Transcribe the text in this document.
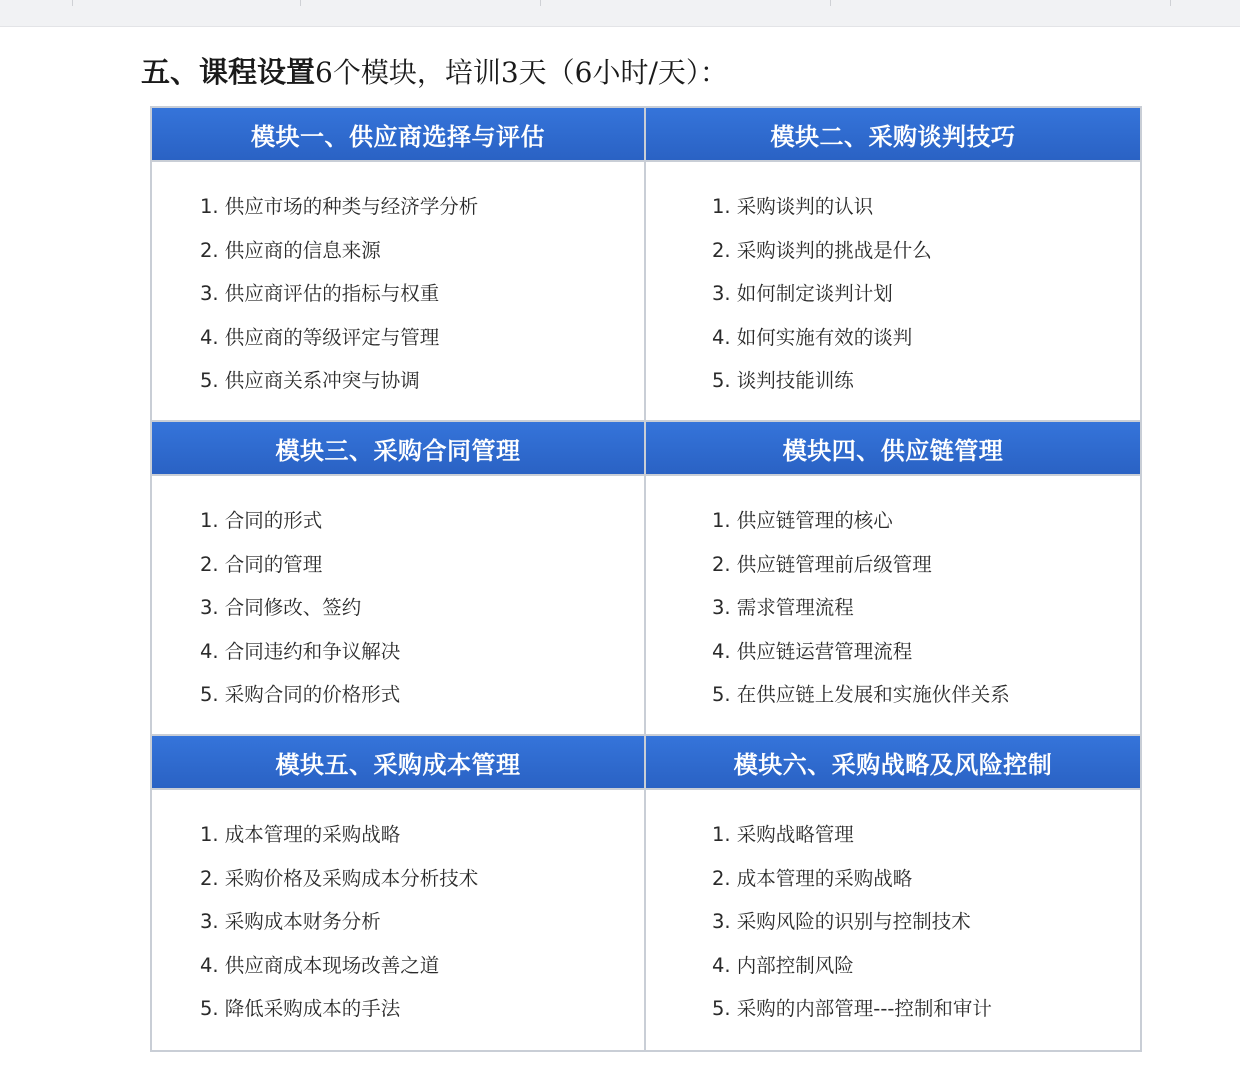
五、课程设置6个模块，培训3天（6小时/天）：
模块一、供应商选择与评估
1. 供应市场的种类与经济学分析
2. 供应商的信息来源
3. 供应商评估的指标与权重
4. 供应商的等级评定与管理
5. 供应商关系冲突与协调
模块二、采购谈判技巧
1. 采购谈判的认识
2. 采购谈判的挑战是什么
3. 如何制定谈判计划
4. 如何实施有效的谈判
5. 谈判技能训练
模块三、采购合同管理
1. 合同的形式
2. 合同的管理
3. 合同修改、签约
4. 合同违约和争议解决
5. 采购合同的价格形式
模块四、供应链管理
1. 供应链管理的核心
2. 供应链管理前后级管理
3. 需求管理流程
4. 供应链运营管理流程
5. 在供应链上发展和实施伙伴关系
模块五、采购成本管理
1. 成本管理的采购战略
2. 采购价格及采购成本分析技术
3. 采购成本财务分析
4. 供应商成本现场改善之道
5. 降低采购成本的手法
模块六、采购战略及风险控制
1. 采购战略管理
2. 成本管理的采购战略
3. 采购风险的识别与控制技术
4. 内部控制风险
5. 采购的内部管理---控制和审计
